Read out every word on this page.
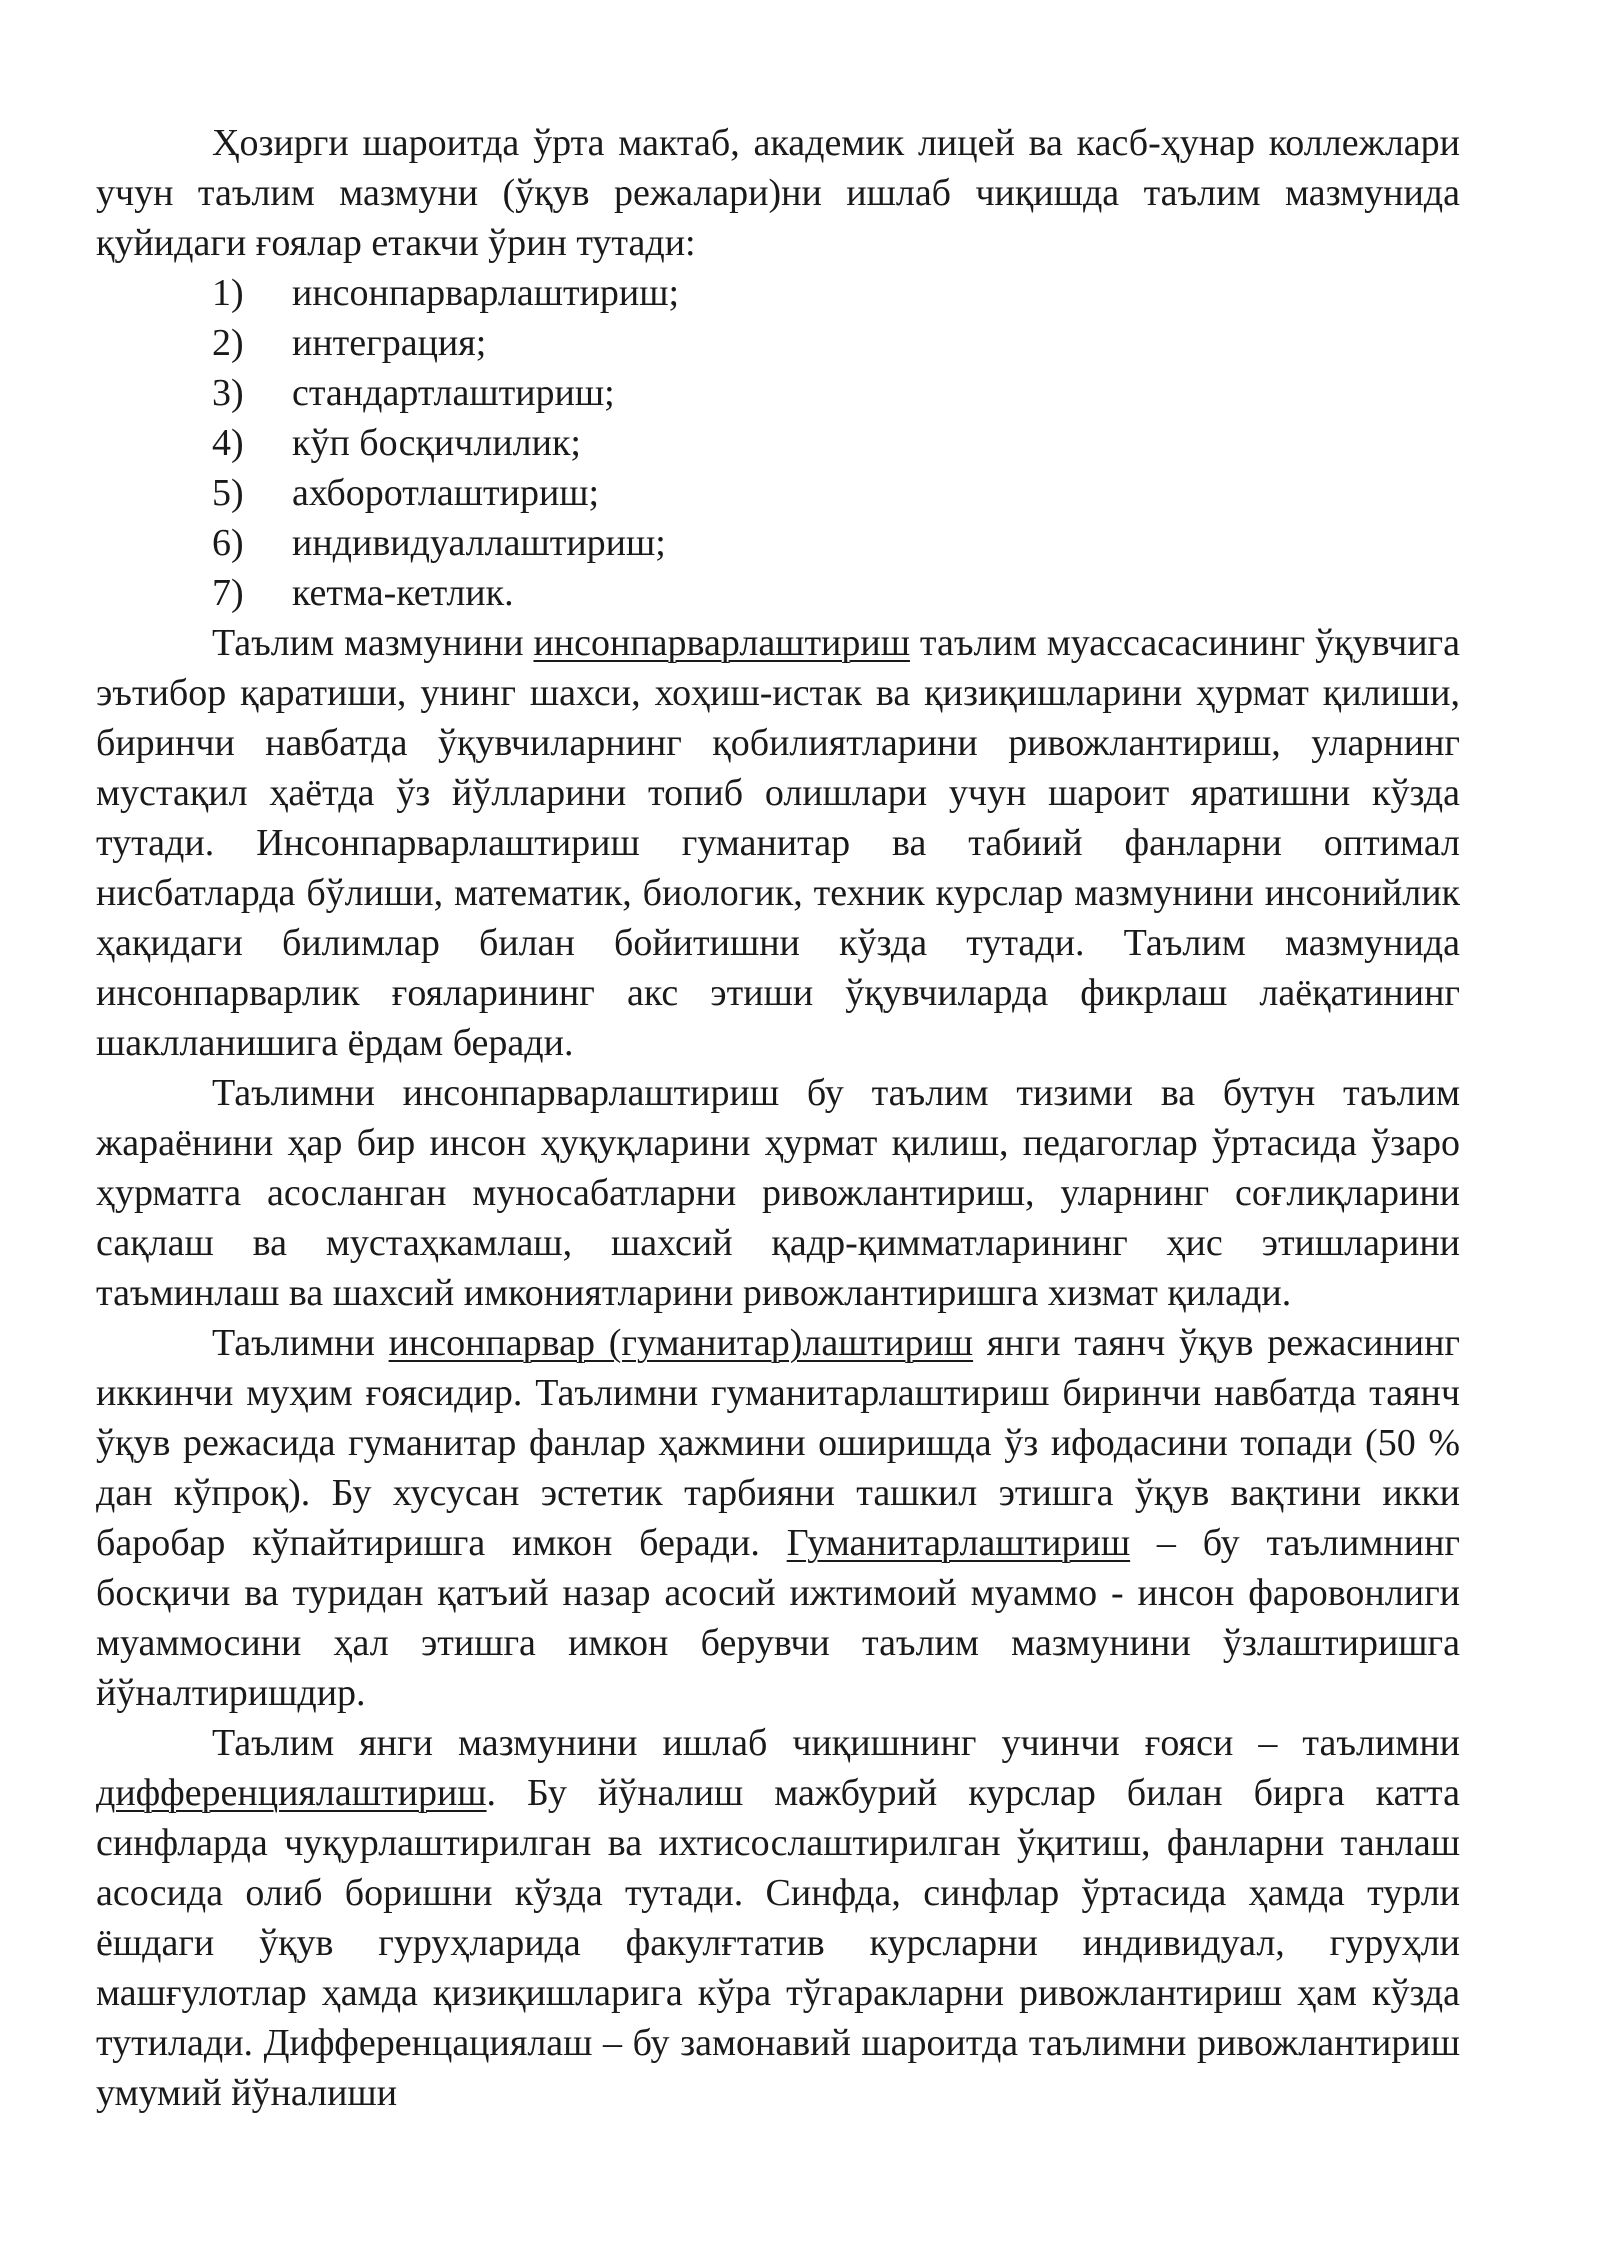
Ҳозирги шароитда ўрта мактаб, академик лицей ва касб-ҳунар коллежлари учун таълим мазмуни (ўқув режалари)ни ишлаб чиқишда таълим мазмунида қуйидаги ғоялар етакчи ўрин тутади:

1)	инсонпарварлаштириш;
2)	интеграция;
3)	стандартлаштириш;
4)	кўп босқичлилик;
5)	ахборотлаштириш;
6)	индивидуаллаштириш;
7)	кетма-кетлик.

Таълим мазмунини инсонпарварлаштириш таълим муассасасининг ўқувчига эътибор қаратиши, унинг шахси, хоҳиш-истак ва қизиқишларини ҳурмат қилиши, биринчи навбатда ўқувчиларнинг қобилиятларини ривожлантириш, уларнинг мустақил ҳаётда ўз йўлларини топиб олишлари учун шароит яратишни кўзда тутади. Инсонпарварлаштириш гуманитар ва табиий фанларни оптимал нисбатларда бўлиши, математик, биологик, техник курслар мазмунини инсонийлик ҳақидаги билимлар билан бойитишни кўзда тутади. Таълим мазмунида инсонпарварлик ғояларининг акс этиши ўқувчиларда фикрлаш лаёқатининг шаклланишига ёрдам беради.

Таълимни инсонпарварлаштириш бу таълим тизими ва бутун таълим жараёнини ҳар бир инсон ҳуқуқларини ҳурмат қилиш, педагоглар ўртасида ўзаро ҳурматга асосланган муносабатларни ривожлантириш, уларнинг соғлиқларини сақлаш ва мустаҳкамлаш, шахсий қадр-қимматларининг ҳис этишларини таъминлаш ва шахсий имкониятларини ривожлантиришга хизмат қилади.

Таълимни инсонпарвар (гуманитар)лаштириш янги таянч ўқув режасининг иккинчи муҳим ғоясидир. Таълимни гуманитарлаштириш биринчи навбатда таянч ўқув режасида гуманитар фанлар ҳажмини оширишда ўз ифодасини топади (50 % дан кўпроқ). Бу хусусан эстетик тарбияни ташкил этишга ўқув вақтини икки баробар кўпайтиришга имкон беради. Гуманитарлаштириш – бу таълимнинг босқичи ва туридан қатъий назар асосий ижтимоий муаммо - инсон фаровонлиги муаммосини ҳал этишга имкон берувчи таълим мазмунини ўзлаштиришга йўналтиришдир.

Таълим янги мазмунини ишлаб чиқишнинг учинчи ғояси – таълимни дифференциялаштириш. Бу йўналиш мажбурий курслар билан бирга катта синфларда чуқурлаштирилган ва ихтисослаштирилган ўқитиш, фанларни танлаш асосида олиб боришни кўзда тутади. Синфда, синфлар ўртасида ҳамда турли ёшдаги ўқув гуруҳларида факулғтатив курсларни индивидуал, гуруҳли машғулотлар ҳамда қизиқишларига кўра тўгаракларни ривожлантириш ҳам кўзда тутилади. Дифференцациялаш – бу замонавий шароитда таълимни ривожлантириш умумий йўналиши
